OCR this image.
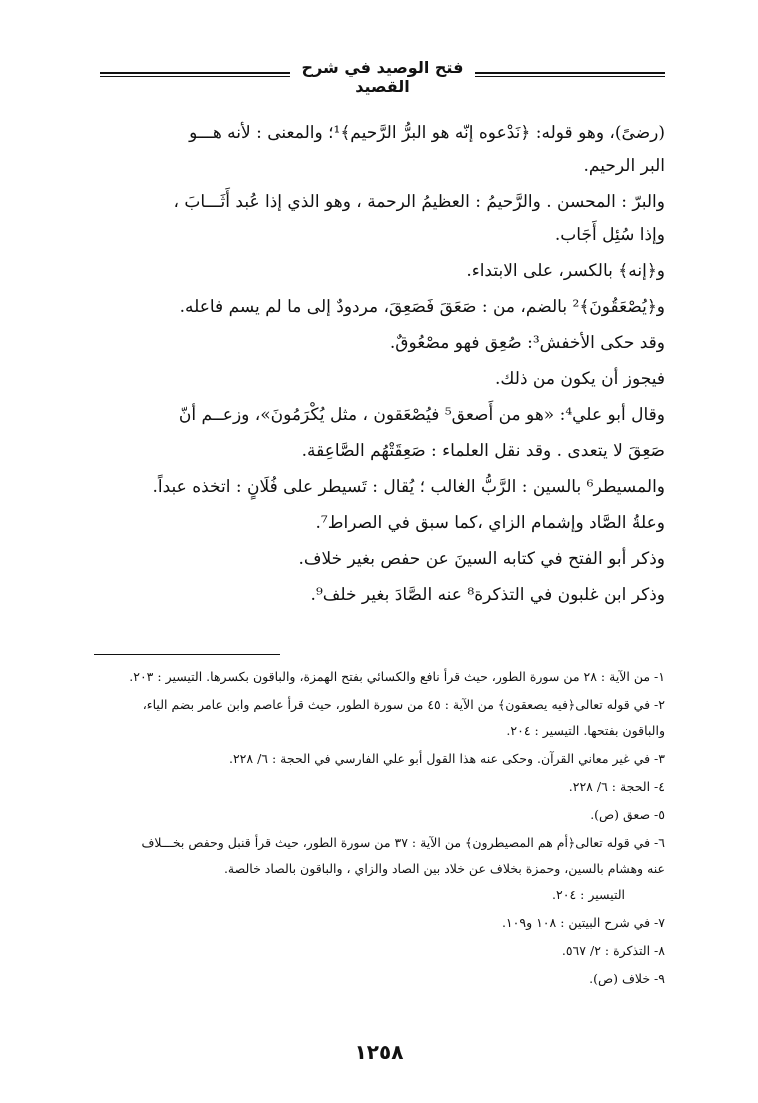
فتح الوصيد في شرح القصيد

(رضىً)، وهو قوله: ﴿نَدْعوه إنّه هو البرُّ الرَّحيم﴾¹؛ والمعنى : لأنه هـــو

البر الرحيم.

والبرّ : المحسن . والرَّحيمُ : العظيمُ الرحمة ، وهو الذي إذا عُبد أَثَـــابَ ،

وإذا سُئِل أَجَاب.

و﴿إنه﴾ بالكسر، على الابتداء.

و﴿يُصْعَقُونَ﴾² بالضم، من : صَعَقَ فَصَعِقَ، مردودٌ إلى ما لم يسم فاعله.

وقد حكى الأخفش³: صُعِق فهو مصْعُوقٌ.

فيجوز أن يكون من ذلك.

وقال أبو علي⁴: «هو من أَصعق⁵ فيُصْعَقون ، مثل يُكْرَمُونَ»، وزعــم أنّ

صَعِقَ لا يتعدى . وقد نقل العلماء : صَعِقَتْهُم الصَّاعِقة.

والمسيطر⁶ بالسين : الرَّبُّ الغالب ؛ يُقال : تَسيطر على فُلَانٍ : اتخذه عبداً.

وعلةُ الصَّاد وإشمام الزاي ،كما سبق في الصراط⁷.

وذكر أبو الفتح في كتابه السينَ عن حفص بغير خلاف.

وذكر ابن غلبون في التذكرة⁸ عنه الصَّادَ بغير خلف⁹.

١- من الآية : ٢٨ من سورة الطور، حيث قرأ نافع والكسائي بفتح الهمزة، والباقون بكسرها. التيسير : ٢٠٣.

٢- في قوله تعالى﴿فيه يصعقون﴾ من الآية : ٤٥ من سورة الطور، حيث قرأ عاصم وابن عامر بضم الياء،

والباقون بفتحها. التيسير : ٢٠٤.

٣- في غير معاني القرآن. وحكى عنه هذا القول أبو علي الفارسي في الحجة : ٦/ ٢٢٨.

٤- الحجة : ٦/ ٢٢٨.

٥- صعق (ص).

٦- في قوله تعالى﴿أم هم المصيطرون﴾ من الآية : ٣٧ من سورة الطور، حيث قرأ قنبل وحفص بخـــلاف

عنه وهشام بالسين، وحمزة بخلاف عن خلاد بين الصاد والزاي ، والباقون بالصاد خالصة.

التيسير : ٢٠٤.

٧- في شرح البيتين : ١٠٨ و١٠٩.

٨- التذكرة : ٢/ ٥٦٧.

٩- خلاف (ص).

١٢٥٨
